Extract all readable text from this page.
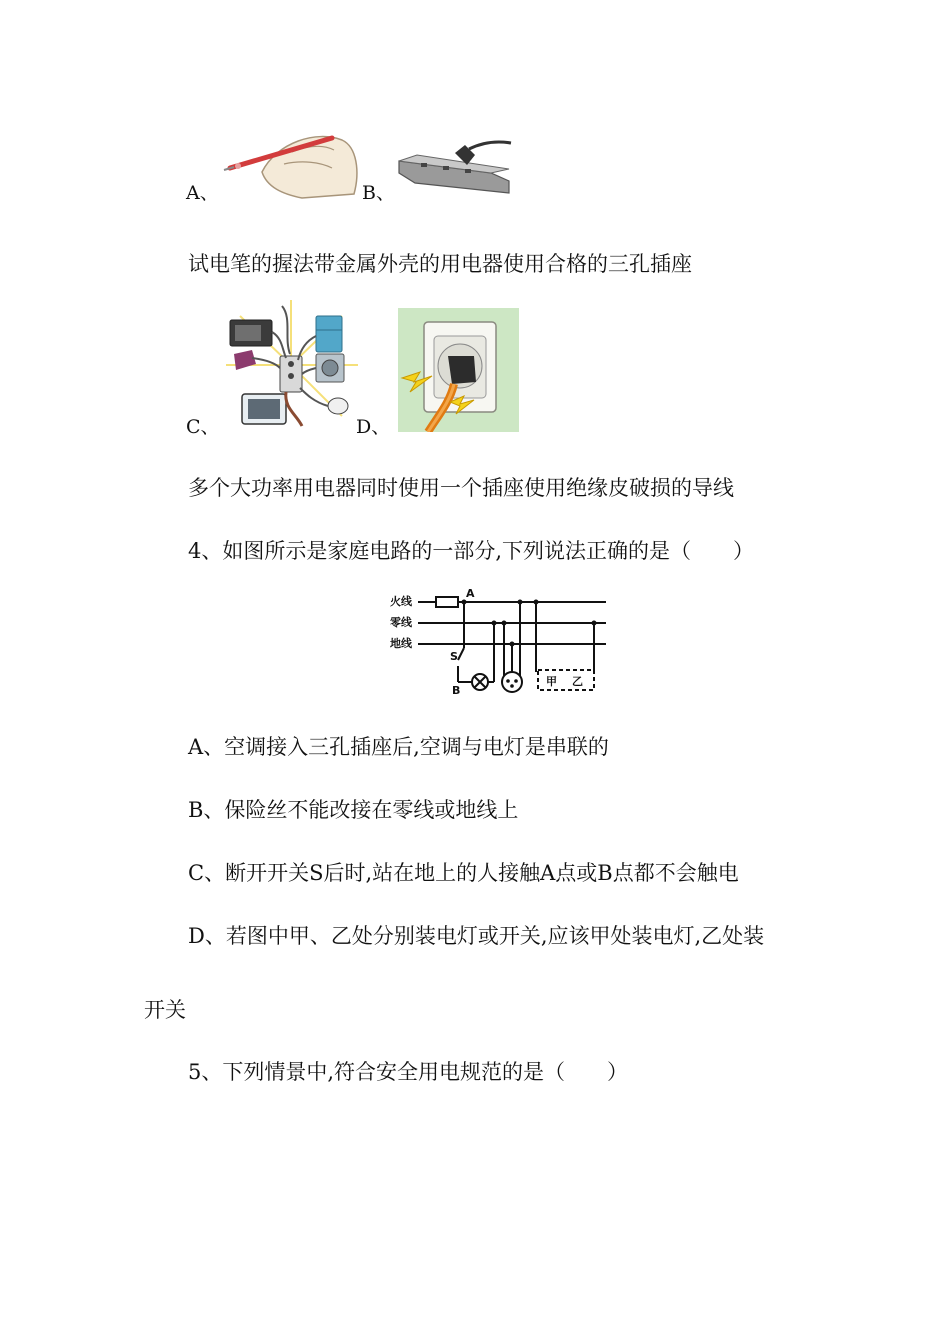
A、	B、
试电笔的握法带金属外壳的用电器使用合格的三孔插座
C、	D、
多个大功率用电器同时使用一个插座使用绝缘皮破损的导线
4、如图所示是家庭电路的一部分,下列说法正确的是（　　）
火线
零线
地线
A
S
B
甲 乙
A、空调接入三孔插座后,空调与电灯是串联的
B、保险丝不能改接在零线或地线上
C、断开开关S后时,站在地上的人接触A点或B点都不会触电
D、若图中甲、乙处分别装电灯或开关,应该甲处装电灯,乙处装
开关
5、下列情景中,符合安全用电规范的是（　　）
